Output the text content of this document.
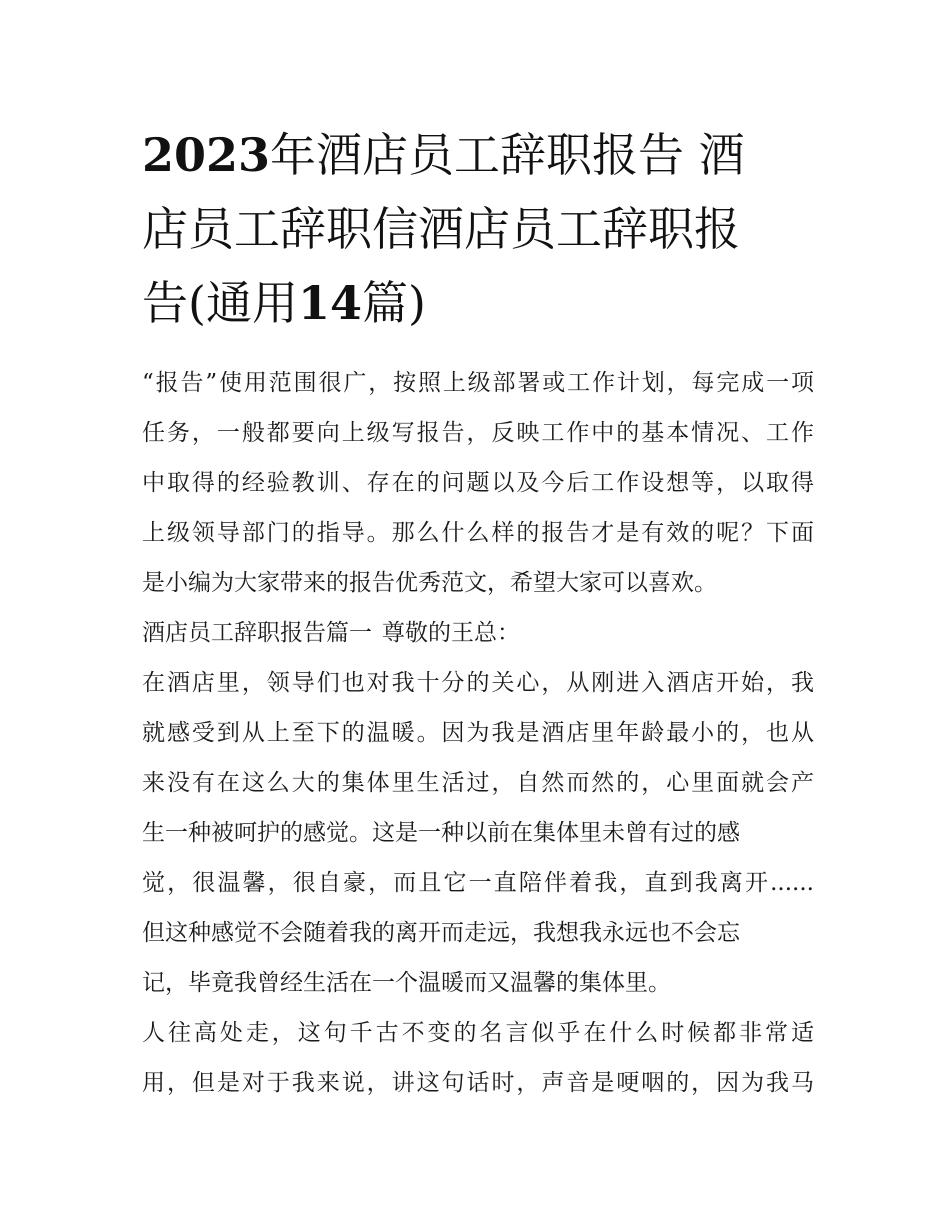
2023年酒店员工辞职报告 酒
店员工辞职信酒店员工辞职报
告(通用14篇)
“报告”使用范围很广，按照上级部署或工作计划，每完成一项
任务，一般都要向上级写报告，反映工作中的基本情况、工作
中取得的经验教训、存在的问题以及今后工作设想等，以取得
上级领导部门的指导。那么什么样的报告才是有效的呢？下面
是小编为大家带来的报告优秀范文，希望大家可以喜欢。
酒店员工辞职报告篇一 尊敬的王总：
在酒店里，领导们也对我十分的关心，从刚进入酒店开始，我
就感受到从上至下的温暖。因为我是酒店里年龄最小的，也从
来没有在这么大的集体里生活过，自然而然的，心里面就会产
生一种被呵护的感觉。这是一种以前在集体里未曾有过的感
觉，很温馨，很自豪，而且它一直陪伴着我，直到我离开......
但这种感觉不会随着我的离开而走远，我想我永远也不会忘
记，毕竟我曾经生活在一个温暖而又温馨的集体里。
人往高处走，这句千古不变的名言似乎在什么时候都非常适
用，但是对于我来说，讲这句话时，声音是哽咽的，因为我马
